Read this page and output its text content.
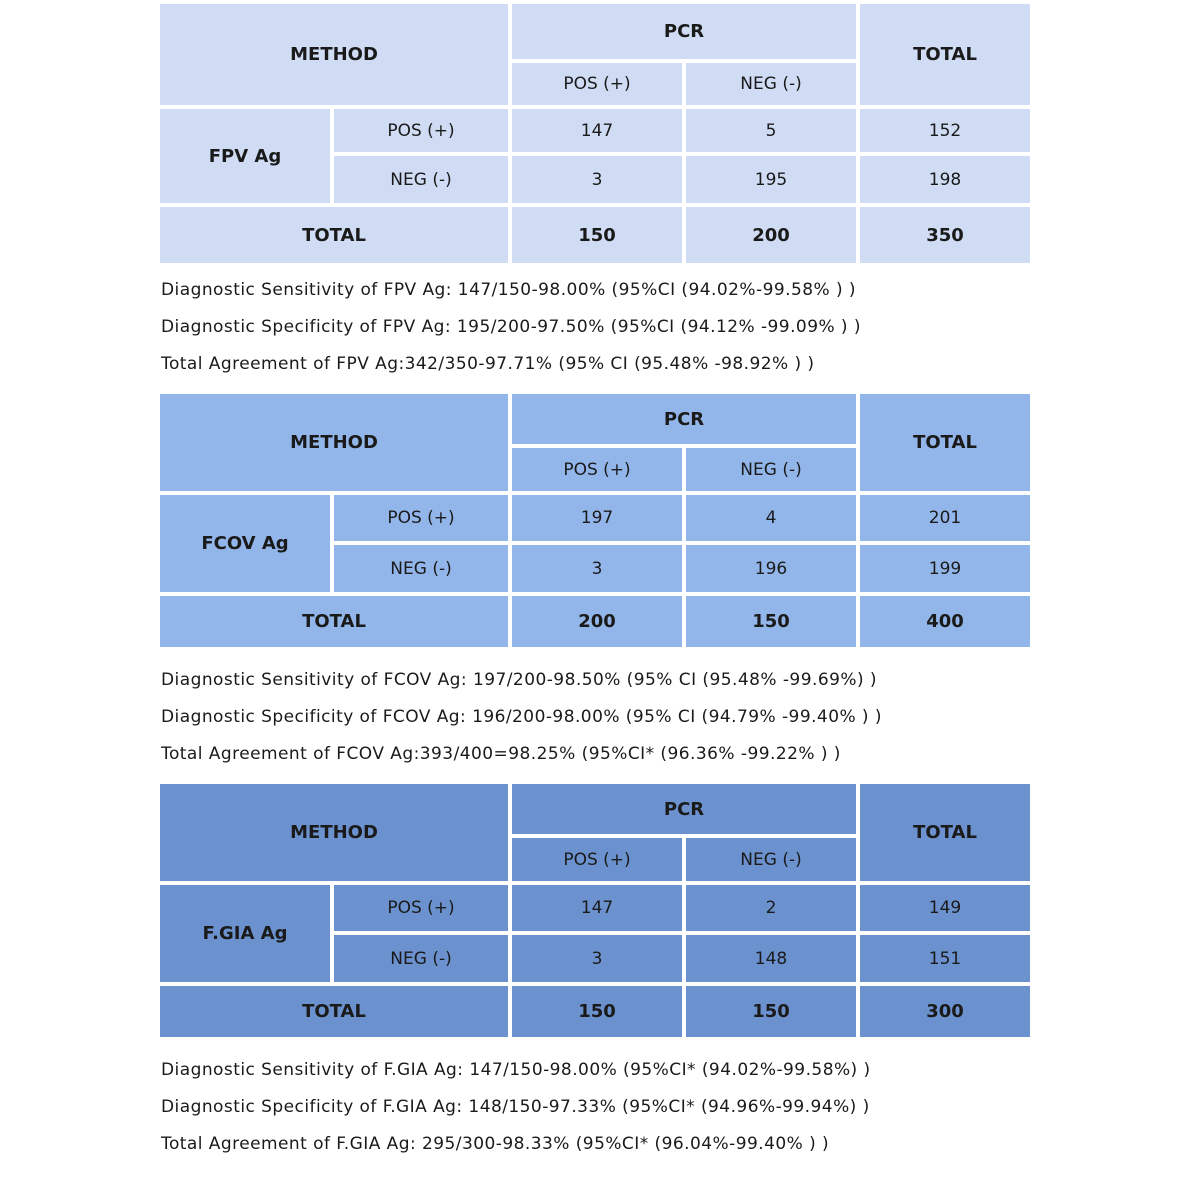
METHOD		PCR		TOTAL
		POS (+)	NEG (-)	
FPV Ag	POS (+)	147	5	152
	NEG (-)	3	195	198
TOTAL		150	200	350

Diagnostic Sensitivity of FPV Ag: 147/150-98.00% (95%CI (94.02%-99.58% ) )

Diagnostic Specificity of FPV Ag: 195/200-97.50% (95%CI (94.12% -99.09% ) )

Total Agreement of FPV Ag:342/350-97.71% (95% CI (95.48% -98.92% ) )

METHOD		PCR		TOTAL
		POS (+)	NEG (-)	
FCOV Ag	POS (+)	197	4	201
	NEG (-)	3	196	199
TOTAL		200	150	400

Diagnostic Sensitivity of FCOV Ag: 197/200-98.50% (95% CI (95.48% -99.69%) )

Diagnostic Specificity of FCOV Ag: 196/200-98.00% (95% CI (94.79% -99.40% ) )

Total Agreement of FCOV Ag:393/400=98.25% (95%CI* (96.36% -99.22% ) )

METHOD		PCR		TOTAL
		POS (+)	NEG (-)	
F.GIA Ag	POS (+)	147	2	149
	NEG (-)	3	148	151
TOTAL		150	150	300

Diagnostic Sensitivity of F.GIA Ag: 147/150-98.00% (95%CI* (94.02%-99.58%) )

Diagnostic Specificity of F.GIA Ag: 148/150-97.33% (95%CI* (94.96%-99.94%) )

Total Agreement of F.GIA Ag: 295/300-98.33% (95%CI* (96.04%-99.40% ) )
